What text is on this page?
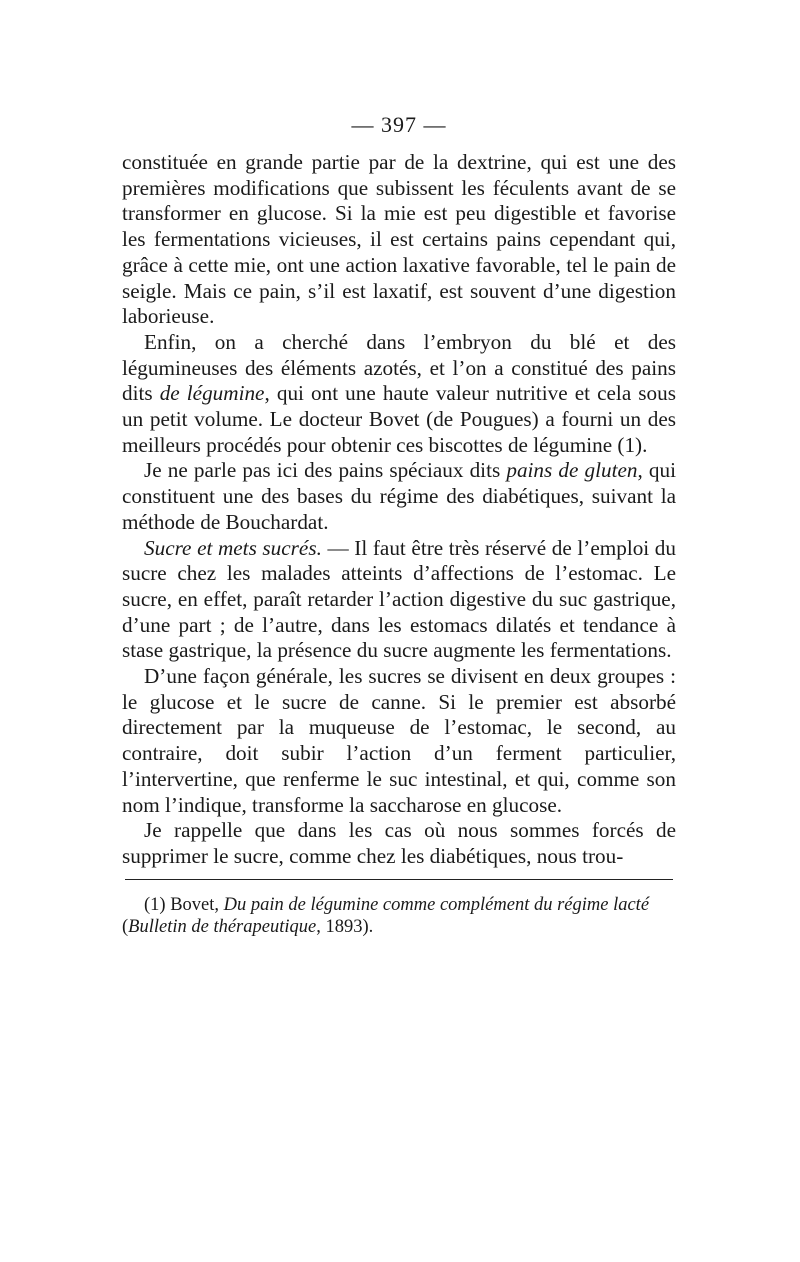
— 397 —

constituée en grande partie par de la dextrine, qui est une des premières modifications que subissent les féculents avant de se transformer en glucose. Si la mie est peu digestible et favorise les fermentations vicieuses, il est certains pains cependant qui, grâce à cette mie, ont une action laxative favorable, tel le pain de seigle. Mais ce pain, s’il est laxatif, est souvent d’une digestion laborieuse.

Enfin, on a cherché dans l’embryon du blé et des légumineuses des éléments azotés, et l’on a constitué des pains dits de légumine, qui ont une haute valeur nutritive et cela sous un petit volume. Le docteur Bovet (de Pougues) a fourni un des meilleurs procédés pour obtenir ces biscottes de légumine (1).

Je ne parle pas ici des pains spéciaux dits pains de gluten, qui constituent une des bases du régime des diabétiques, suivant la méthode de Bouchardat.

Sucre et mets sucrés. — Il faut être très réservé de l’emploi du sucre chez les malades atteints d’affections de l’estomac. Le sucre, en effet, paraît retarder l’action digestive du suc gastrique, d’une part ; de l’autre, dans les estomacs dilatés et tendance à stase gastrique, la présence du sucre augmente les fermentations.

D’une façon générale, les sucres se divisent en deux groupes : le glucose et le sucre de canne. Si le premier est absorbé directement par la muqueuse de l’estomac, le second, au contraire, doit subir l’action d’un ferment particulier, l’intervertine, que renferme le suc intestinal, et qui, comme son nom l’indique, transforme la saccharose en glucose.

Je rappelle que dans les cas où nous sommes forcés de supprimer le sucre, comme chez les diabétiques, nous trou-

(1) Bovet, Du pain de légumine comme complément du régime lacté (Bulletin de thérapeutique, 1893).
